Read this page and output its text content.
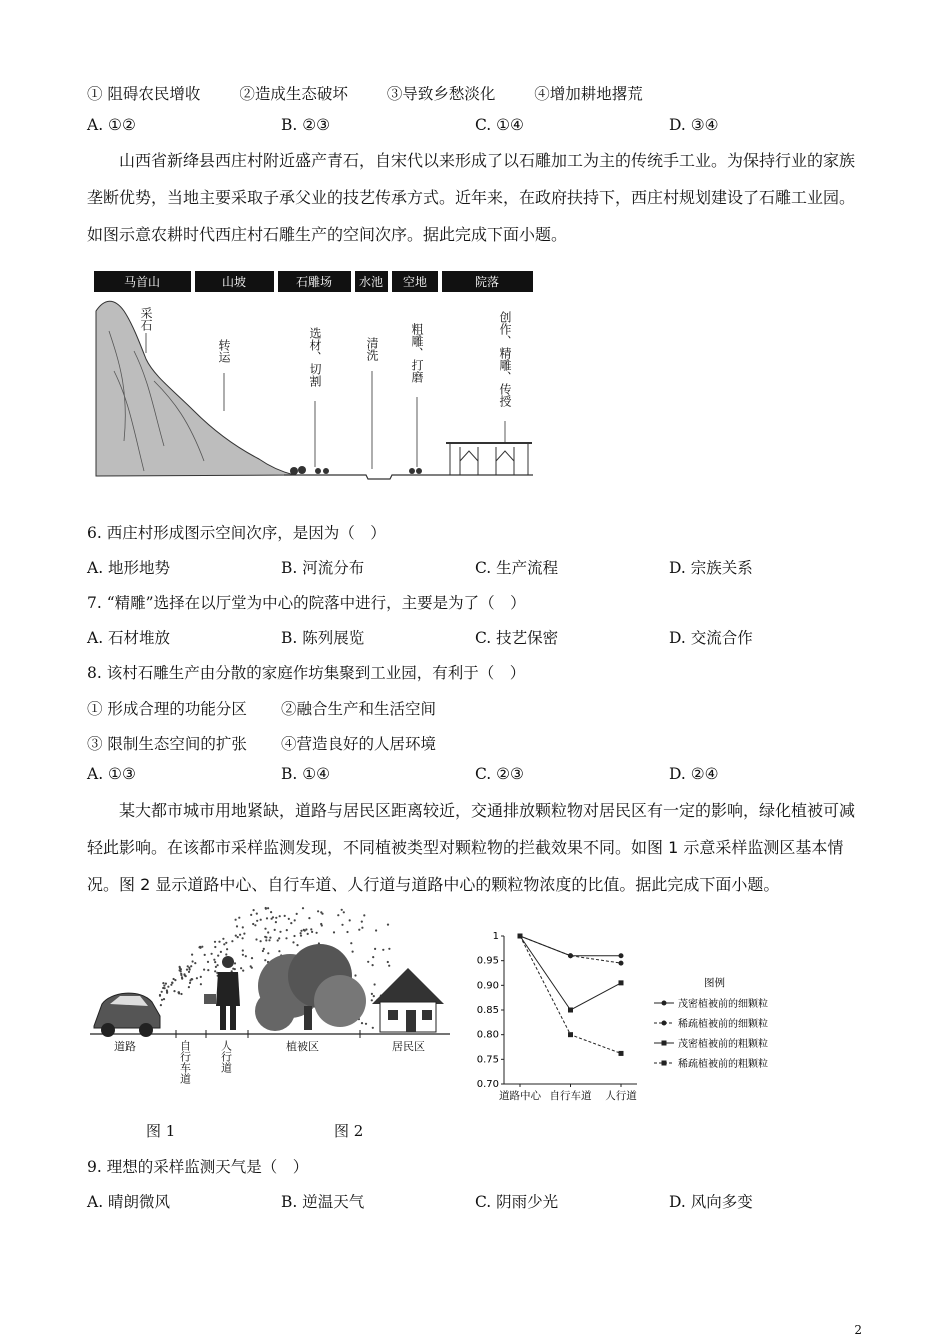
① 阻碍农民增收	②造成生态破坏	③导致乡愁淡化	④增加耕地撂荒
A. ①②	B. ②③	C. ①④	D. ③④
山西省新绛县西庄村附近盛产青石，自宋代以来形成了以石雕加工为主的传统手工业。为保持行业的家族垄断优势，当地主要采取子承父业的技艺传承方式。近年来，在政府扶持下，西庄村规划建设了石雕工业园。如图示意农耕时代西庄村石雕生产的空间次序。据此完成下面小题。
马首山	山坡	石雕场 水池 空地	院落
采石
转运	选材、切割	清洗	粗雕、打磨	创作、精雕、传授
6. 西庄村形成图示空间次序，是因为（　）
A. 地形地势	B. 河流分布	C. 生产流程	D. 宗族关系
7. “精雕”选择在以厅堂为中心的院落中进行，主要是为了（　）
A. 石材堆放	B. 陈列展览	C. 技艺保密	D. 交流合作
8. 该村石雕生产由分散的家庭作坊集聚到工业园，有利于（　）
① 形成合理的功能分区 ②融合生产和生活空间
③ 限制生态空间的扩张 ④营造良好的人居环境
A. ①③	B. ①④	C. ②③	D. ②④
某大都市城市用地紧缺，道路与居民区距离较近，交通排放颗粒物对居民区有一定的影响，绿化植被可减轻此影响。在该都市采样监测发现，不同植被类型对颗粒物的拦截效果不同。如图 1 示意采样监测区基本情况。图 2 显示道路中心、自行车道、人行道与道路中心的颗粒物浓度的比值。据此完成下面小题。
道路	自行车道	人行道	植被区	居民区
图 1
0.70
0.75
0.80
0.85
0.90
0.95
1
道路中心 自行车道 人行道
图例
茂密植被前的细颗粒
稀疏植被前的细颗粒
茂密植被前的粗颗粒
稀疏植被前的粗颗粒
图 2
9. 理想的采样监测天气是（　）
A. 晴朗微风	B. 逆温天气	C. 阴雨少光	D. 风向多变
2
